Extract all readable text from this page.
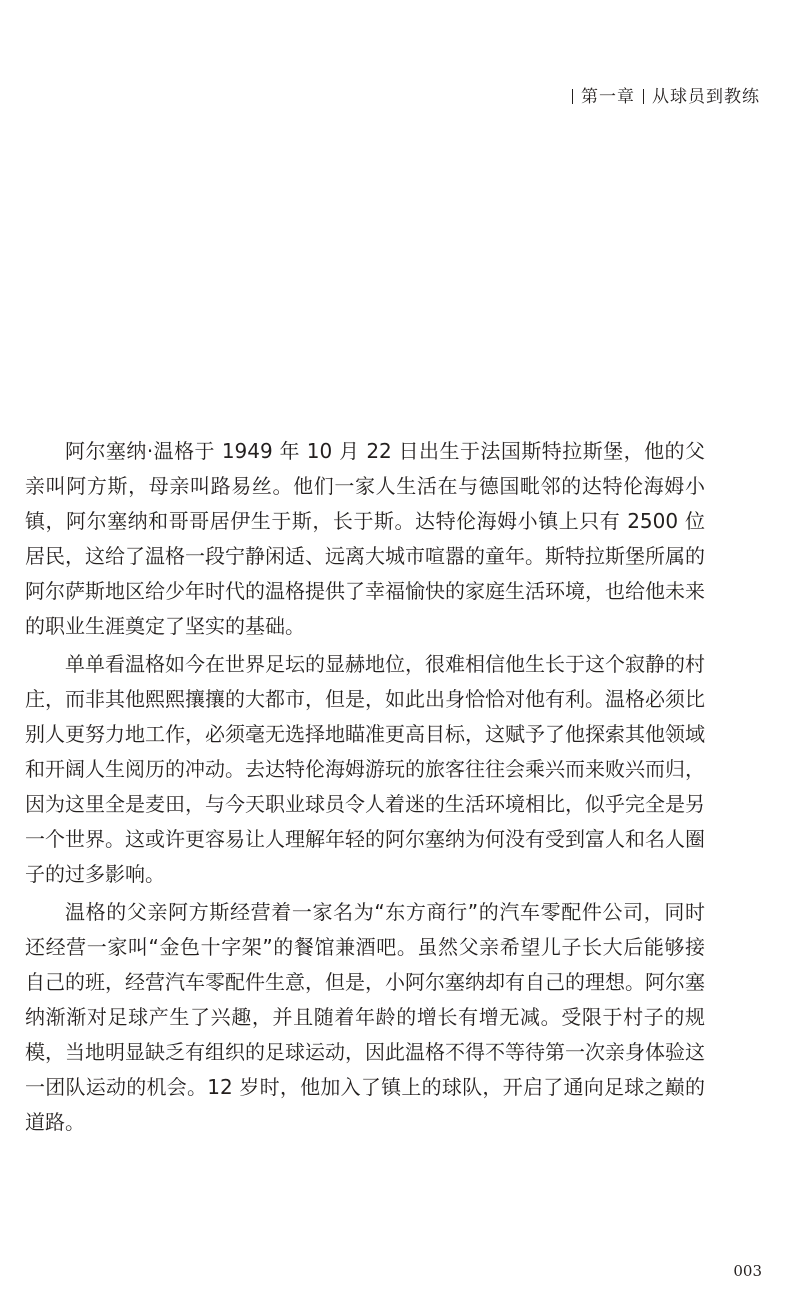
第一章 从球员到教练

阿尔塞纳·温格于 1949 年 10 月 22 日出生于法国斯特拉斯堡，他的父亲叫阿方斯，母亲叫路易丝。他们一家人生活在与德国毗邻的达特伦海姆小镇，阿尔塞纳和哥哥居伊生于斯，长于斯。达特伦海姆小镇上只有 2500 位居民，这给了温格一段宁静闲适、远离大城市喧嚣的童年。斯特拉斯堡所属的阿尔萨斯地区给少年时代的温格提供了幸福愉快的家庭生活环境，也给他未来的职业生涯奠定了坚实的基础。

单单看温格如今在世界足坛的显赫地位，很难相信他生长于这个寂静的村庄，而非其他熙熙攘攘的大都市，但是，如此出身恰恰对他有利。温格必须比别人更努力地工作，必须毫无选择地瞄准更高目标，这赋予了他探索其他领域和开阔人生阅历的冲动。去达特伦海姆游玩的旅客往往会乘兴而来败兴而归，因为这里全是麦田，与今天职业球员令人着迷的生活环境相比，似乎完全是另一个世界。这或许更容易让人理解年轻的阿尔塞纳为何没有受到富人和名人圈子的过多影响。

温格的父亲阿方斯经营着一家名为“东方商行”的汽车零配件公司，同时还经营一家叫“金色十字架”的餐馆兼酒吧。虽然父亲希望儿子长大后能够接自己的班，经营汽车零配件生意，但是，小阿尔塞纳却有自己的理想。阿尔塞纳渐渐对足球产生了兴趣，并且随着年龄的增长有增无减。受限于村子的规模，当地明显缺乏有组织的足球运动，因此温格不得不等待第一次亲身体验这一团队运动的机会。12 岁时，他加入了镇上的球队，开启了通向足球之巅的道路。

003
